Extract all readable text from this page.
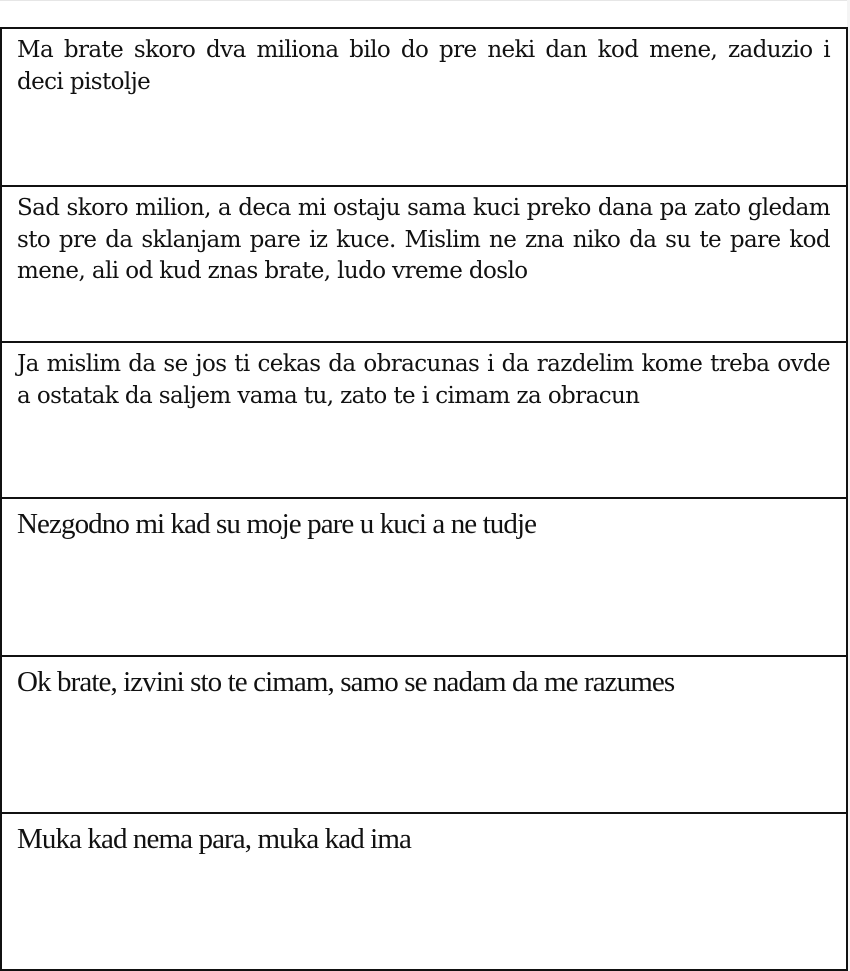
Ma brate skoro dva miliona bilo do pre neki dan kod mene, zaduzio i deci pistolje
Sad skoro milion, a deca mi ostaju sama kuci preko dana pa zato gledam sto pre da sklanjam pare iz kuce. Mislim ne zna niko da su te pare kod mene, ali od kud znas brate, ludo vreme doslo
Ja mislim da se jos ti cekas da obracunas i da razdelim kome treba ovde a ostatak da saljem vama tu, zato te i cimam za obracun
Nezgodno mi kad su moje pare u kuci a ne tudje
Ok brate, izvini sto te cimam, samo se nadam da me razumes
Muka kad nema para, muka kad ima
